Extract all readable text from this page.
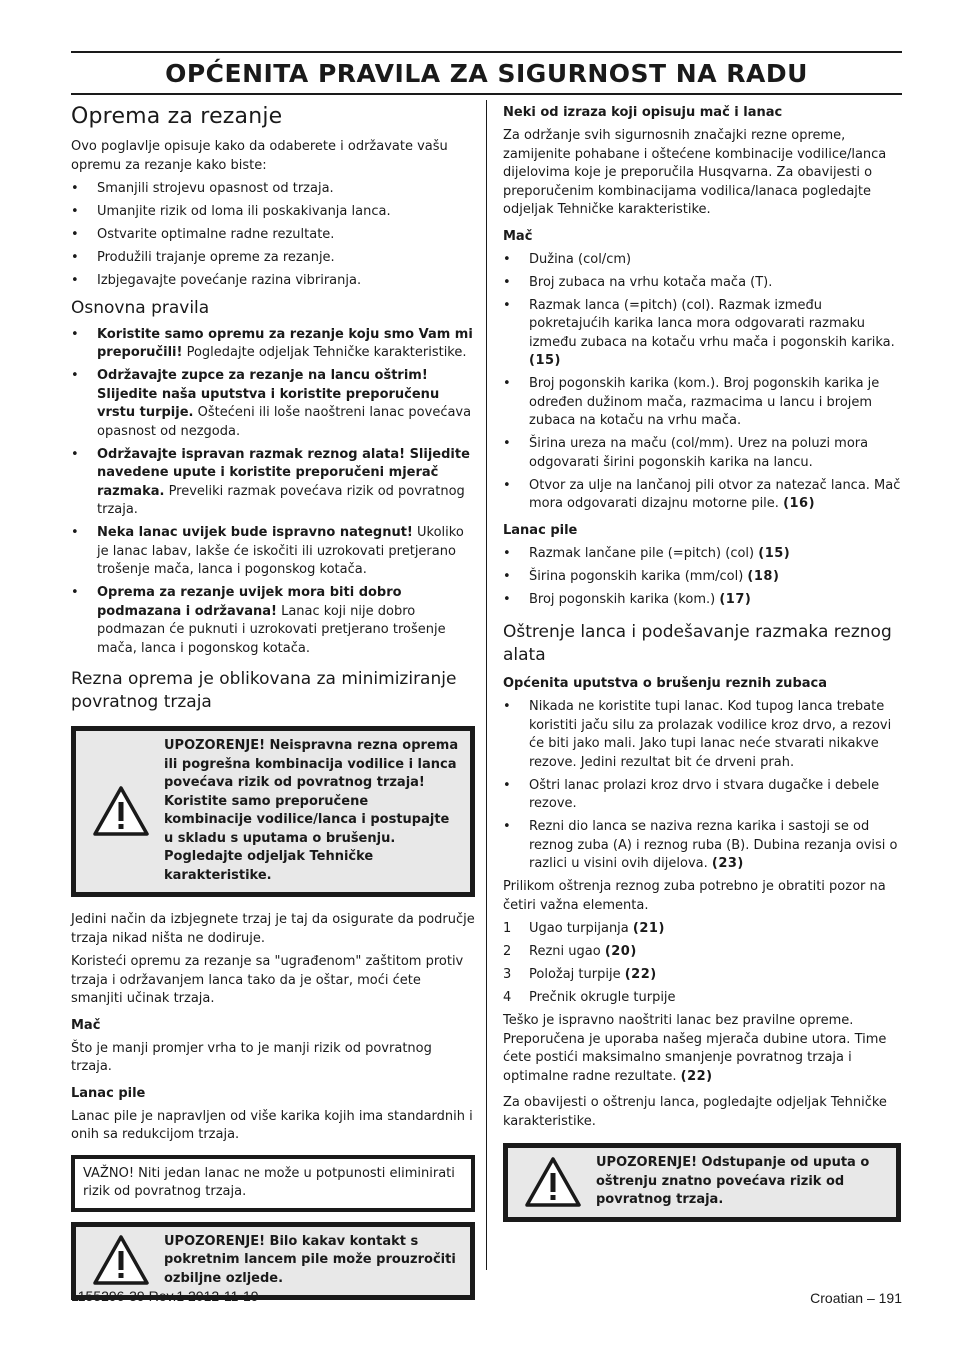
OPĆENITA PRAVILA ZA SIGURNOST NA RADU
Oprema za rezanje

Ovo poglavlje opisuje kako da odaberete i održavate vašu opremu za rezanje kako biste:

• Smanjili strojevu opasnost od trzaja.
• Umanjite rizik od loma ili poskakivanja lanca.
• Ostvarite optimalne radne rezultate.
• Produžili trajanje opreme za rezanje.
• Izbjegavajte povećanje razina vibriranja.
Osnovna pravila
• Koristite samo opremu za rezanje koju smo Vam mi preporučili! Pogledajte odjeljak Tehničke karakteristike.
• Održavajte zupce za rezanje na lancu oštrim! Slijedite naša uputstva i koristite preporučenu vrstu turpije. Oštećeni ili loše naoštreni lanac povećava opasnost od nezgoda.
• Održavajte ispravan razmak reznog alata! Slijedite navedene upute i koristite preporučeni mjerač razmaka. Preveliki razmak povećava rizik od povratnog trzaja.
• Neka lanac uvijek bude ispravno nategnut! Ukoliko je lanac labav, lakše će iskočiti ili uzrokovati pretjerano trošenje mača, lanca i pogonskog kotača.
• Oprema za rezanje uvijek mora biti dobro podmazana i održavana! Lanac koji nije dobro podmazan će puknuti i uzrokovati pretjerano trošenje mača, lanca i pogonskog kotača.
Rezna oprema je oblikovana za minimiziranje povratnog trzaja
UPOZORENJE! Neispravna rezna oprema ili pogrešna kombinacija vodilice i lanca povećava rizik od povratnog trzaja! Koristite samo preporučene kombinacije vodilice/lanca i postupajte u skladu s uputama o brušenju. Pogledajte odjeljak Tehničke karakteristike.

Jedini način da izbjegnete trzaj je taj da osigurate da područje trzaja nikad ništa ne dodiruje.

Koristeći opremu za rezanje sa "ugrađenom" zaštitom protiv trzaja i održavanjem lanca tako da je oštar, moći ćete smanjiti učinak trzaja.

Mač

Što je manji promjer vrha to je manji rizik od povratnog trzaja.

Lanac pile

Lanac pile je napravljen od više karika kojih ima standardnih i onih sa redukcijom trzaja.

VAŽNO! Niti jedan lanac ne može u potpunosti eliminirati rizik od povratnog trzaja.

UPOZORENJE! Bilo kakav kontakt s pokretnim lancem pile može prouzročiti ozbiljne ozljede.
Neki od izraza koji opisuju mač i lanac

Za održanje svih sigurnosnih značajki rezne opreme, zamijenite pohabane i oštećene kombinacije vodilice/lanca dijelovima koje je preporučila Husqvarna. Za obavijesti o preporučenim kombinacijama vodilica/lanaca pogledajte odjeljak Tehničke karakteristike.

Mač
• Dužina (col/cm)
• Broj zubaca na vrhu kotača mača (T).
• Razmak lanca (=pitch) (col). Razmak između pokretajućih karika lanca mora odgovarati razmaku između zubaca na kotaču vrhu mača i pogonskih karika. (15)
• Broj pogonskih karika (kom.). Broj pogonskih karika je određen dužinom mača, razmacima u lancu i brojem zubaca na kotaču na vrhu mača.
• Širina ureza na maču (col/mm). Urez na poluzi mora odgovarati širini pogonskih karika na lancu.
• Otvor za ulje na lančanoj pili otvor za natezač lanca. Mač mora odgovarati dizajnu motorne pile. (16)
Lanac pile
• Razmak lančane pile (=pitch) (col) (15)
• Širina pogonskih karika (mm/col) (18)
• Broj pogonskih karika (kom.) (17)
Oštrenje lanca i podešavanje razmaka reznog alata
Općenita uputstva o brušenju reznih zubaca
• Nikada ne koristite tupi lanac. Kod tupog lanca trebate koristiti jaču silu za prolazak vodilice kroz drvo, a rezovi će biti jako mali. Jako tupi lanac neće stvarati nikakve rezove. Jedini rezultat bit će drveni prah.
• Oštri lanac prolazi kroz drvo i stvara dugačke i debele rezove.
• Rezni dio lanca se naziva rezna karika i sastoji se od reznog zuba (A) i reznog ruba (B). Dubina rezanja ovisi o razlici u visini ovih dijelova. (23)

Prilikom oštrenja reznog zuba potrebno je obratiti pozor na četiri važna elementa.

1 Ugao turpijanja (21)
2 Rezni ugao (20)
3 Položaj turpije (22)
4 Prečnik okrugle turpije

Teško je ispravno naoštriti lanac bez pravilne opreme. Preporučena je uporaba našeg mjerača dubine utora. Time ćete postići maksimalno smanjenje povratnog trzaja i optimalne radne rezultate. (22)

Za obavijesti o oštrenju lanca, pogledajte odjeljak Tehničke karakteristike.

UPOZORENJE! Odstupanje od uputa o oštrenju znatno povećava rizik od povratnog trzaja.
1155296-39 Rev.1 2012-11-19	Croatian – 191
